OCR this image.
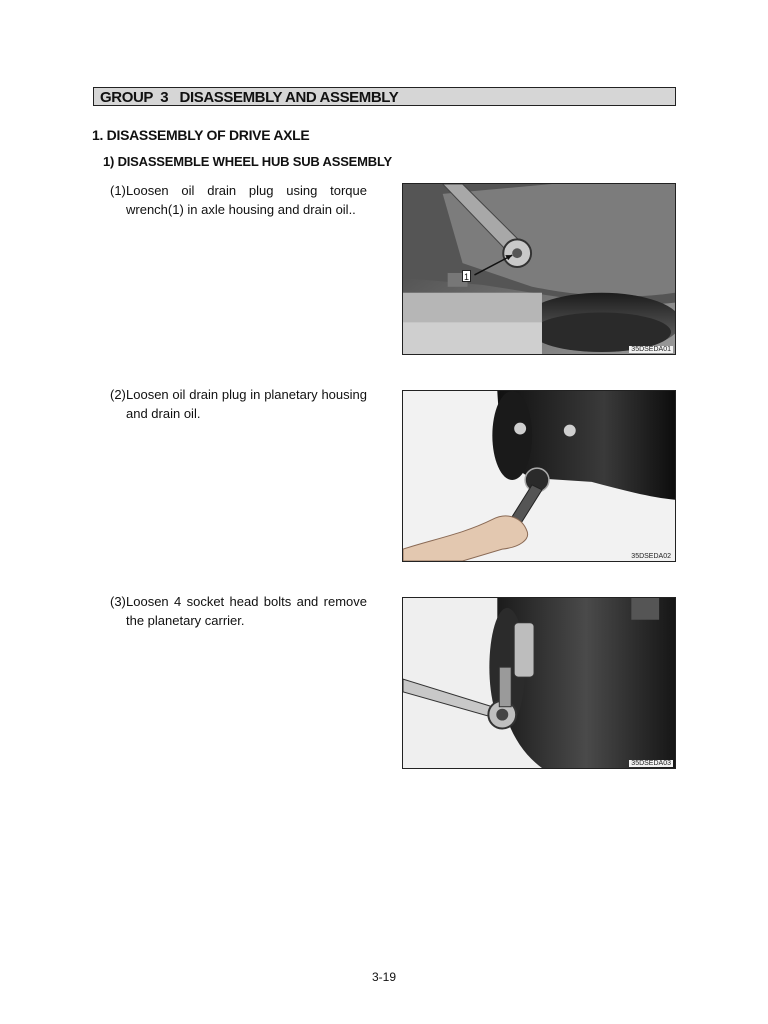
GROUP  3   DISASSEMBLY AND ASSEMBLY
1. DISASSEMBLY OF DRIVE AXLE
1) DISASSEMBLE WHEEL HUB SUB ASSEMBLY
(1) Loosen oil drain plug using torque wrench(1) in axle housing and drain oil..
1
35DSEDA01
(2) Loosen oil drain plug in planetary housing and drain oil.
35DSEDA02
(3) Loosen 4 socket head bolts and remove the planetary carrier.
35DSEDA03
3-19
